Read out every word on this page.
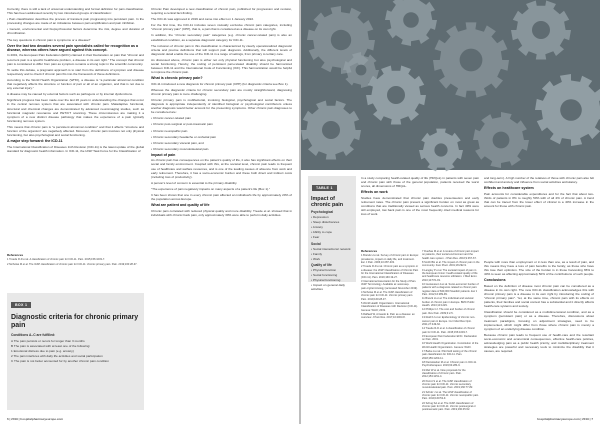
Currently, there is still a lack of universal understanding and formal definition for pain classification. This has been addressed recently by two introduced groups of classification:

• Pain classification describes the process of transient pain progressing into persistent pain. In the processing changes are made of an imbalance between pain amplification and pain inhibition.

• Genetic, environmental and biopsychosocial factors determine the risk, degree and duration of chronification.

The key questions in chronic pain is symptoms or a disease?

Over the last two decades several pain specialists called for recognition as a disease, whereas others have argued against this concept.

In 2001, the European Pain Federation (EFIC) claimed in their Declaration on pain that "chronic and recurrent pain is a specific healthcare problem, a disease in its own right." The concept that chronic pain is considered to differ from pain as symptom remains a strong topic in the scientific community.

To settle this debate, a pragmatic approach is to start from the definitions of symptom and disease respectively and to check if chronic pain fits into the framework of these definitions.

According to the World Health Organization (WHO), a disease is "a particular abnormal condition that negatively affects the structure or function of part or all of an organism, and that is not due to any external injury."

A disease may be caused by external factors such as pathogens or by internal dysfunctions.

Significant progress has been made over the last 20 years in understanding the changes that occur in the central nervous system that are associated with chronic pain. Maladaptive functional, structural and chemical changes are demonstrated by advanced neuroimaging studies, such as functional magnetic resonance and PET/CT scanning. These circumstances are making it a symptom of a new distinct disease pathology that makes the experience of a pain typically functioning nervous system.

This means that chronic pain is "a persistent abnormal condition" and that it affects "structure and function of the organism" are negatively affected. Moreover, chronic pain involves not only physical functioning, but also psychological and social functioning.

A major step forward: the ICD-11

The International Classification of Diseases 11th Revision (ICD-11) is the latest update of the global standard for diagnostic health information. In ICD-11, the IASP Task Force for the Classification of

References
1 Treede R-D et al. A classification of chronic pain for ICD-11. Pain. 2015;156:1003-7.
2 Nicholas M et al. The IASP classification of chronic pain for ICD-11: chronic primary pain. Pain. 2019;160:28-37.
BOX 1
Diagnostic criteria for chronic primary pain
Conditions A–C are fulfilled:
A The pain persists or recurs for longer than 3 months
B The pain is associated with at least one of the following:
1 Emotional distress due to pain (e.g. anxiety)
2 The pain interferes with daily life activities and social participation
C The pain is not better accounted for by another chronic pain condition

Chronic Pain developed a new classification of chronic pain, published for progression and revision, requiring a central fact-finding.

The ICD-11 was approved in 2019 and came into effect on 1 January 2022.

For the first time, the ICD-11 includes seven mutually exclusive chronic pain categories, including "chronic primary pain" (CPP), that is, a pain that is considered as a disease on its own right.

In addition, the "chronic secondary pain" categories (e.g. chronic cancer-related pain) is also an established condition, as a separate diagnostic category for ICD-11.

The inclusion of chronic pain in this classification is characterized by clearly operationalized diagnostic criteria and precise definitions that will support pain diagnosis. Additionally, the different levels of diagnostic detail enable the use of the ICD-11 in a range of settings, from primary to tertiary care.

As discussed above, chronic pain is either not only physical functioning but also psychological and social functioning. Hereby, the coding of persistent pain-related disability should be harmonized between ICD-11 and the International Code of Functioning (ICF). This harmonization would be helpful to improve the chronic pain.

What is chronic primary pain?

ICD-11 introduced a new diagnosis for chronic primary pain (CPP) (for diagnostic criteria see Box 1).

Whereas the diagnostic criteria for chronic secondary pain are mostly straightforward, diagnosing chronic primary pain is more challenging.

Chronic primary pain is multifactorial, involving biological, psychological and social factors. The diagnosis is appropriate independently of identified biological or psychological contributors unless another diagnosis would better account for the presenting symptoms. Other chronic pain diagnoses to be considered are:

• Chronic cancer-related pain

• Chronic post-surgical or post-traumatic pain

• Chronic neuropathic pain

• Chronic secondary headache or orofacial pain

• Chronic secondary visceral pain, and

• Chronic secondary musculoskeletal pain.

Impact of pain

As chronic pain has consequences on the patient's quality of life, it also has significant effects on their social and family environment. Coupled with this, at the societal level, chronic pain leads to frequent use of healthcare and welfare resources, and is one of the leading causes of absence from work and early retirement. Therefore, it has a socio-economic burden and these both direct and indirect costs (including loss of productivity).

A person's level of concern is essential to the primary disability.

"The experience of pain negatively impacts on many aspects of a patient's life (Box 1)."

It has been shown that one in every chronic pain affected an individual's life by approximately 20% of the population across Europe.

What are patient and quality of life

Chronic pain correlated with reduced physical quality and more disability. Treede et al. showed that in individuals with chronic back pain, only approximately 30% were able to perform daily activities.

6 | 2019 | hospitalpharmacyeurope.com
TABLE 1
Impact of chronic pain
Psychological
• Depression
• Sleep disturbances
• Anxiety
• Ability to cope
• Fear
Social
• Social interactions/ network
• Family
• Work
Quality of life
• Physical function
• Social functioning
• Physical functioning
• Impact on general daily activities

In a study comparing health-related quality of life (HRQoL) in patients with seven pain and chronic pain with those of the general population, patients received the worst scores, all dimensions of HRQoL.

Effects on work

Studies have demonstrated that chronic pain doubles presenteeism and early retirement rates. The chronic pain present a significant burden on most as great as conditions that are traditionally viewed as serious health concerns. In fact 49% were still employed, low back pain is one of the most frequently cited medical reasons for loss of work.

and long-term). A high number of the relatives of those with chronic pain also felt confident and anxiety and influence from social activities ambulatory.

Effects on healthcare system

Pain accounts for considerable expenditures and for the fact that about two-thirds of patients in 8% to roughly 50% with of all 4% of chronic pain. A trend that can be traced from the lower effect of clinical to a 40% increase in the amount for those with chronic pain.

People with more than employment or in less than one, as a result of pain, and this means they have a loss of pain benefits to the family, as those who have this lose their optimism. The size of the burden is in those harvesting 65% to 40% to seen as affecting approximately 50% of the contributions of such people.

Conclusions

Based on the definition of disease most chronic pain can be considered as a disease in its own right. The new ICD-11 classification acknowledges this with chronic primary pain is a disease in its own right by introducing the coding of "chronic primary pain". Yet, at the same time, chronic pain with its effects on patients, their families and social context has a substantial and it directly affects health-care systems and society.

Classification should be considered as a multidimensional condition, and as a symptom (persistent pain) or as a disease. Therefore, discussions about treatment paradigms, focusing on adjustment strategies, need to be implemented, which might differ from those where chronic pain is merely a symptom of an underlying disease condition.

Because chronic pain leads to frequent use of health-care and the resultant socio-economic and economical consequences, effective health-care policies, acknowledging pain as a public health priority, and multidisciplinary treatment strategies are powerful and necessary tools to minimize the disability that it causes, are required.

References
1 Breivik H et al. Survey of chronic pain in Europe: prevalence, impact on daily life, and treatment. Eur J Pain. 2006;10:287-333.
2 Treede R-D et al. Chronic pain as a symptom or a disease: the IASP Classification of Chronic Pain for the International Classification of Diseases (ICD-11). Pain. 2019;160:19-27.
3 International Association for the Study of Pain. IASP Terminology. Available at: www.iasp-pain.org/terminology (accessed November 2019).
4 Nicholas M et al. The IASP classification of chronic pain for ICD-11: chronic primary pain. Pain. 2019;160:28-37.
5 World Health Organization. International Classification of Diseases 11th Revision (ICD-11). Geneva: WHO; 2019.
6 Raffaeli W, Arnaudo E. Pain as a disease: an overview. J Pain Res. 2017;10:2003-8.
7 Dueñas M et al. A review of chronic pain impact on patients, their social environment and the health care system. J Pain Res. 2016;9:457-67.
8 Smith BH et al. The impact of chronic pain in the community. Fam Pract. 2001;18:292-9.
9 Langley P et al. The societal impact of pain in the European Union: health-related quality of life and healthcare resource utilization. J Med Econ. 2010;13:571-81.
10 Gustavsson A et al. Socio-economic burden of patients with a diagnosis related to chronic pain: register data of 840,000 Swedish patients. Eur J Pain. 2012;16:289-99.
11 Breivik H et al. The individual and societal burden of chronic pain in Europe. BMC Public Health. 2013;13:1229.
12 Phillips CJ. The cost and burden of chronic pain. Rev Pain. 2009;3:2-5.
13 Reid KJ et al. Epidemiology of chronic non-cancer pain in Europe. Curr Med Res Opin. 2011;27:449-62.
14 Treede R-D et al. A classification of chronic pain for ICD-11. Pain. 2015;156:1003-7.
15 European Pain Federation EFIC. Declaration on Pain. 2001.
16 World Health Organization. Constitution of the World Health Organization. Geneva: WHO.
17 Barke A et al. Pilot field testing of the chronic pain classification for ICD-11. Pain. 2018;159:1203-11.
18 Kleinstäuber M et al. Chronic pain in ICD-11. Psychotherapeut. 2019;64:284-9.
19 Rief W et al. New proposals for the classification of chronic pain. Pain. 2012;153:1151-4.
20 Perrot S et al. The IASP classification of chronic pain for ICD-11: chronic secondary musculoskeletal pain. Pain. 2019;160:77-82.
21 Scholz J et al. The IASP classification of chronic pain for ICD-11: chronic neuropathic pain. Pain. 2019;160:53-9.
22 Schug SA et al. The IASP classification of chronic pain for ICD-11: chronic postsurgical or posttraumatic pain. Pain. 2019;160:45-52.
hospitalpharmacyeurope.com | 2019 | 7
